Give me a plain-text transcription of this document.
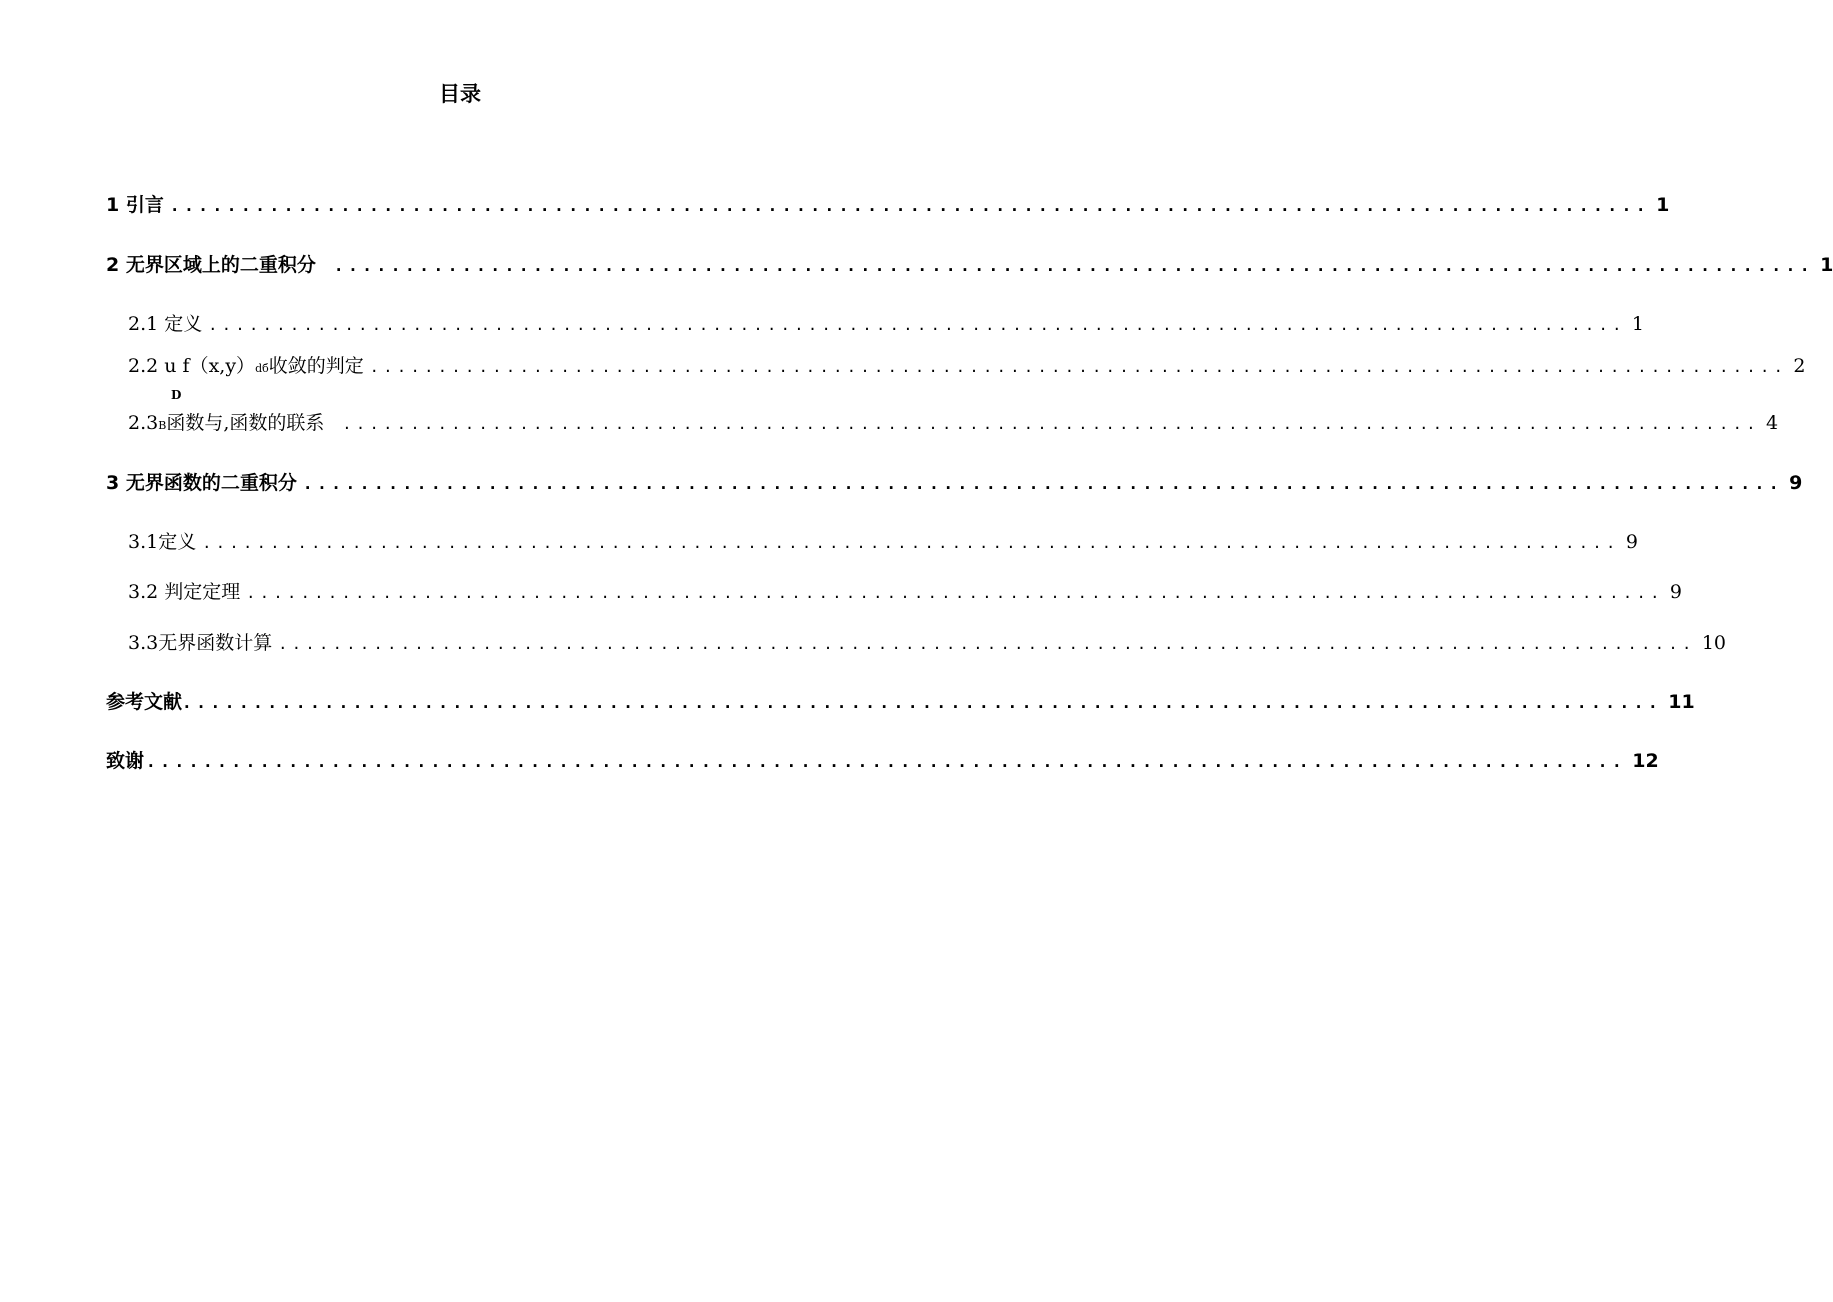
目录
1 引言 ........................................................................................................ 1
2 无界区域上的二重积分 ........................................................................................................ 1
2.1 定义 ........................................................................................................ 1
2.2 u f（x,y）dб收敛的判定 ........................................................................................................ 2
D
2.3B函数与,函数的联系 ........................................................................................................ 4
3 无界函数的二重积分 ........................................................................................................ 9
3.1定义 ........................................................................................................ 9
3.2 判定定理 ........................................................................................................ 9
3.3无界函数计算 ........................................................................................................ 10
参考文献 ........................................................................................................ 11
致谢 ........................................................................................................ 12
